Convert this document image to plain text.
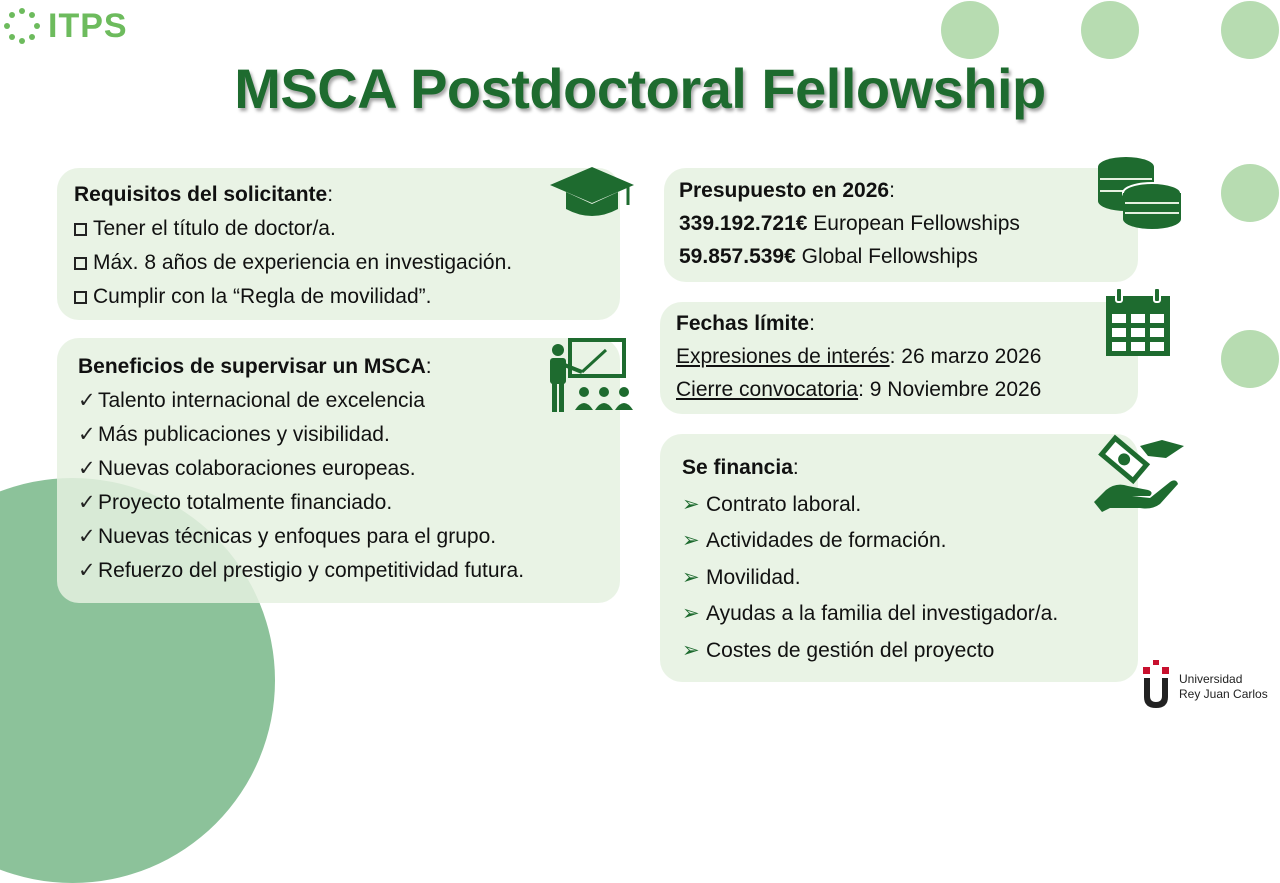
ITPS
MSCA Postdoctoral Fellowship
Requisitos del solicitante:
Tener el título de doctor/a.
Máx. 8 años de experiencia en investigación.
Cumplir con la “Regla de movilidad”.
Beneficios de supervisar un MSCA:
✓ Talento internacional de excelencia
✓ Más publicaciones y visibilidad.
✓ Nuevas colaboraciones europeas.
✓ Proyecto totalmente financiado.
✓ Nuevas técnicas y enfoques para el grupo.
✓ Refuerzo del prestigio y competitividad futura.
Presupuesto en 2026:
339.192.721€ European Fellowships
59.857.539€ Global Fellowships
Fechas límite:
Expresiones de interés: 26 marzo 2026
Cierre convocatoria: 9 Noviembre 2026
Se financia:
➢ Contrato laboral.
➢ Actividades de formación.
➢ Movilidad.
➢ Ayudas a la familia del investigador/a.
➢ Costes de gestión del proyecto
Universidad
Rey Juan Carlos
